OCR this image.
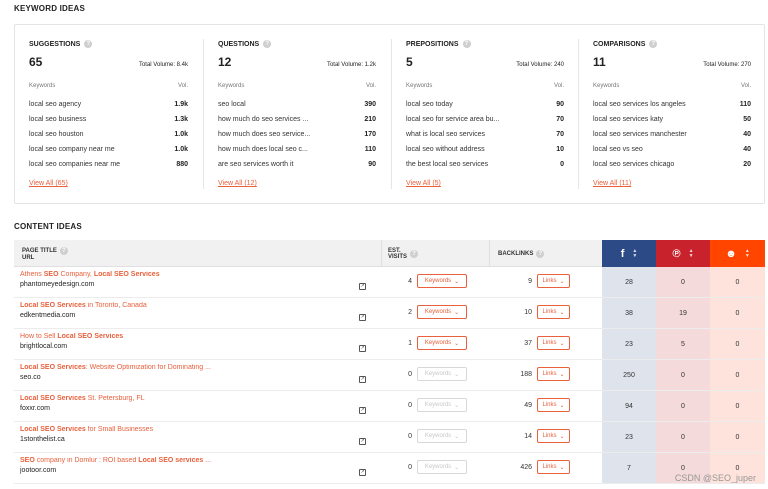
KEYWORD IDEAS
SUGGESTIONS	?
65	Total Volume: 8.4k
Keywords	Vol.
local seo agency	1.9k
local seo business	1.3k
local seo houston	1.0k
local seo company near me	1.0k
local seo companies near me	880
View All (65)
QUESTIONS	?
12	Total Volume: 1.2k
Keywords	Vol.
seo local	390
how much do seo services ...	210
how much does seo service...	170
how much does local seo c...	110
are seo services worth it	90
View All (12)
PREPOSITIONS	?
5	Total Volume: 240
Keywords	Vol.
local seo today	90
local seo for service area bu...	70
what is local seo services	70
local seo without address	10
the best local seo services	0
View All (5)
COMPARISONS	?
11	Total Volume: 270
Keywords	Vol.
local seo services los angeles	110
local seo services katy	50
local seo services manchester	40
local seo vs seo	40
local seo services chicago	20
View All (11)
CONTENT IDEAS
PAGE TITLE ?
URL
EST.
VISITS ?	BACKLINKS ?	f ▲
▼	℗ ▲
▼	☻ ▲
▼
Athens SEO Company, Local SEO Services
phantomeyedesign.com	↗
4 Keywords ⌄	9 Links ⌄	28	0	0
Local SEO Services in Toronto, Canada
edkentmedia.com	↗
2 Keywords ⌄	10 Links ⌄	38	19	0
How to Sell Local SEO Services
brightlocal.com	↗
1 Keywords ⌄	37 Links ⌄	23	5	0
Local SEO Services: Website Optimization for Dominating ...
seo.co	↗
0 Keywords ⌄	188 Links ⌄	250	0	0
Local SEO Services St. Petersburg, FL
foxxr.com	↗
0 Keywords ⌄	49 Links ⌄	94	0	0
Local SEO Services for Small Businesses
1stonthelist.ca	↗
0 Keywords ⌄	14 Links ⌄	23	0	0
SEO company in Domlur : ROI based Local SEO services ...
jootoor.com	↗
0 Keywords ⌄	426 Links ⌄	7	0	0
CSDN @SEO_juper
